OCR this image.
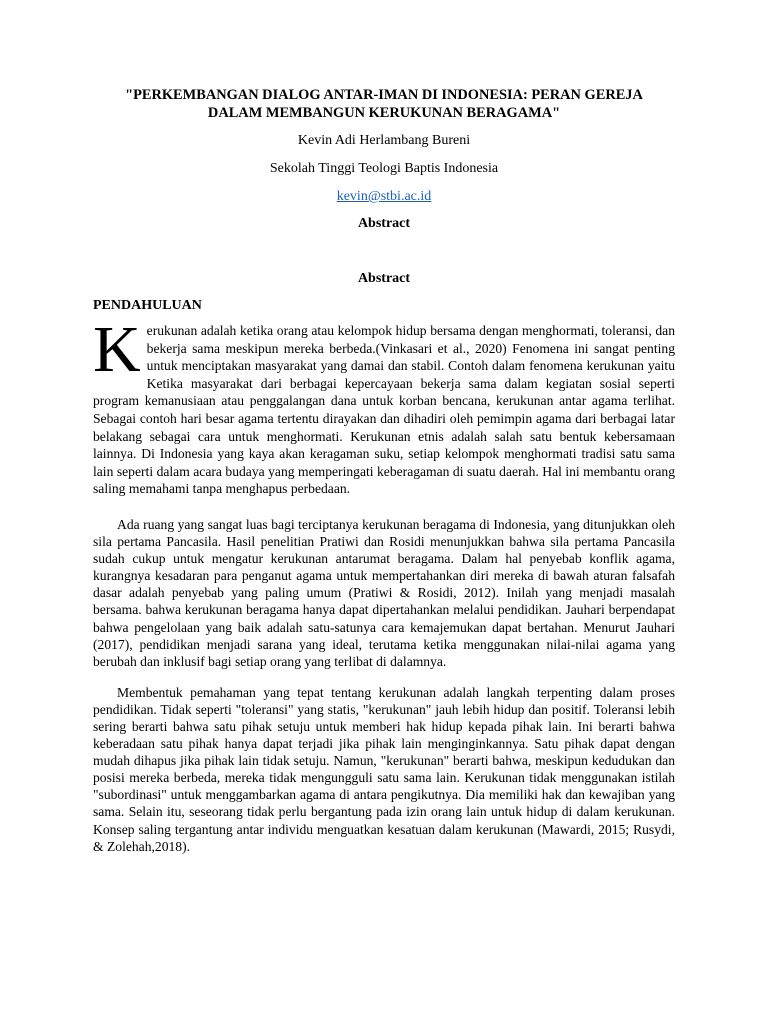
"PERKEMBANGAN DIALOG ANTAR-IMAN DI INDONESIA: PERAN GEREJA
DALAM MEMBANGUN KERUKUNAN BERAGAMA"

Kevin Adi Herlambang Bureni

Sekolah Tinggi Teologi Baptis Indonesia

kevin@stbi.ac.id

Abstract

Abstract

PENDAHULUAN

Kerukunan adalah ketika orang atau kelompok hidup bersama dengan menghormati, toleransi, dan bekerja sama meskipun mereka berbeda.(Vinkasari et al., 2020) Fenomena ini sangat penting untuk menciptakan masyarakat yang damai dan stabil. Contoh dalam fenomena kerukunan yaitu Ketika masyarakat dari berbagai kepercayaan bekerja sama dalam kegiatan sosial seperti program kemanusiaan atau penggalangan dana untuk korban bencana, kerukunan antar agama terlihat. Sebagai contoh hari besar agama tertentu dirayakan dan dihadiri oleh pemimpin agama dari berbagai latar belakang sebagai cara untuk menghormati. Kerukunan etnis adalah salah satu bentuk kebersamaan lainnya. Di Indonesia yang kaya akan keragaman suku, setiap kelompok menghormati tradisi satu sama lain seperti dalam acara budaya yang memperingati keberagaman di suatu daerah. Hal ini membantu orang saling memahami tanpa menghapus perbedaan.

Ada ruang yang sangat luas bagi terciptanya kerukunan beragama di Indonesia, yang ditunjukkan oleh sila pertama Pancasila. Hasil penelitian Pratiwi dan Rosidi menunjukkan bahwa sila pertama Pancasila sudah cukup untuk mengatur kerukunan antarumat beragama. Dalam hal penyebab konflik agama, kurangnya kesadaran para penganut agama untuk mempertahankan diri mereka di bawah aturan falsafah dasar adalah penyebab yang paling umum (Pratiwi & Rosidi, 2012). Inilah yang menjadi masalah bersama. bahwa kerukunan beragama hanya dapat dipertahankan melalui pendidikan. Jauhari berpendapat bahwa pengelolaan yang baik adalah satu-satunya cara kemajemukan dapat bertahan. Menurut Jauhari (2017), pendidikan menjadi sarana yang ideal, terutama ketika menggunakan nilai-nilai agama yang berubah dan inklusif bagi setiap orang yang terlibat di dalamnya.

Membentuk pemahaman yang tepat tentang kerukunan adalah langkah terpenting dalam proses pendidikan. Tidak seperti "toleransi" yang statis, "kerukunan" jauh lebih hidup dan positif. Toleransi lebih sering berarti bahwa satu pihak setuju untuk memberi hak hidup kepada pihak lain. Ini berarti bahwa keberadaan satu pihak hanya dapat terjadi jika pihak lain menginginkannya. Satu pihak dapat dengan mudah dihapus jika pihak lain tidak setuju. Namun, "kerukunan" berarti bahwa, meskipun kedudukan dan posisi mereka berbeda, mereka tidak mengungguli satu sama lain. Kerukunan tidak menggunakan istilah "subordinasi" untuk menggambarkan agama di antara pengikutnya. Dia memiliki hak dan kewajiban yang sama. Selain itu, seseorang tidak perlu bergantung pada izin orang lain untuk hidup di dalam kerukunan. Konsep saling tergantung antar individu menguatkan kesatuan dalam kerukunan (Mawardi, 2015; Rusydi, & Zolehah,2018).
